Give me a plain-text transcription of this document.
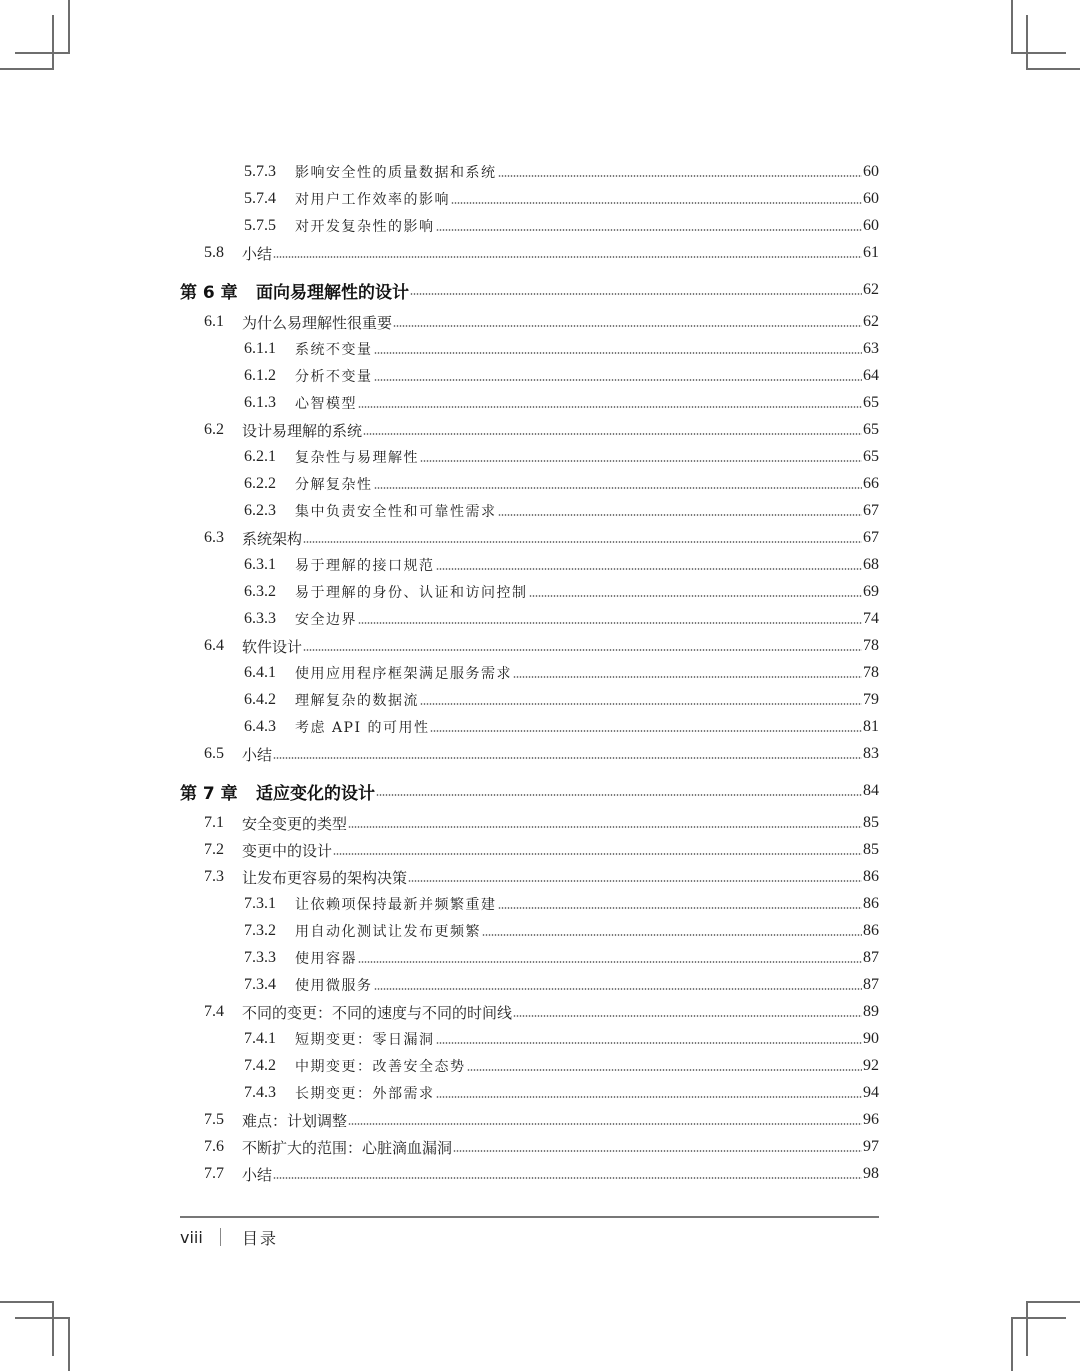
5.7.3	影响安全性的质量数据和系统	60
5.7.4	对用户工作效率的影响	60
5.7.5	对开发复杂性的影响	60
5.8	小结	61
第 6 章	面向易理解性的设计	62
6.1	为什么易理解性很重要	62
6.1.1	系统不变量	63
6.1.2	分析不变量	64
6.1.3	心智模型	65
6.2	设计易理解的系统	65
6.2.1	复杂性与易理解性	65
6.2.2	分解复杂性	66
6.2.3	集中负责安全性和可靠性需求	67
6.3	系统架构	67
6.3.1	易于理解的接口规范	68
6.3.2	易于理解的身份、认证和访问控制	69
6.3.3	安全边界	74
6.4	软件设计	78
6.4.1	使用应用程序框架满足服务需求	78
6.4.2	理解复杂的数据流	79
6.4.3	考虑 API 的可用性	81
6.5	小结	83
第 7 章	适应变化的设计	84
7.1	安全变更的类型	85
7.2	变更中的设计	85
7.3	让发布更容易的架构决策	86
7.3.1	让依赖项保持最新并频繁重建	86
7.3.2	用自动化测试让发布更频繁	86
7.3.3	使用容器	87
7.3.4	使用微服务	87
7.4	不同的变更：不同的速度与不同的时间线	89
7.4.1	短期变更：零日漏洞	90
7.4.2	中期变更：改善安全态势	92
7.4.3	长期变更：外部需求	94
7.5	难点：计划调整	96
7.6	不断扩大的范围：心脏滴血漏洞	97
7.7	小结	98
viii	目录
